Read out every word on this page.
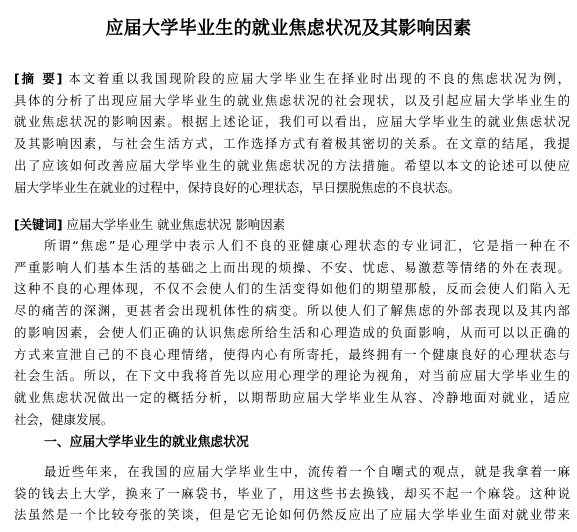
应届大学毕业生的就业焦虑状况及其影响因素
[摘 要] 本文着重以我国现阶段的应届大学毕业生在择业时出现的不良的焦虑状况为例，
具体的分析了出现应届大学毕业生的就业焦虑状况的社会现状，以及引起应届大学毕业生的
就业焦虑状况的影响因素。根据上述论证，我们可以看出，应届大学毕业生的就业焦虑状况
及其影响因素，与社会生活方式，工作选择方式有着极其密切的关系。在文章的结尾，我提
出了应该如何改善应届大学毕业生的就业焦虑状况的方法措施。希望以本文的论述可以使应
届大学毕业生在就业的过程中，保持良好的心理状态，早日摆脱焦虑的不良状态。
[关键词] 应届大学毕业生 就业焦虑状况 影响因素
所谓“焦虑”是心理学中表示人们不良的亚健康心理状态的专业词汇，它是指一种在不
严重影响人们基本生活的基础之上而出现的烦操、不安、忧虑、易激惹等情绪的外在表现。
这种不良的心理体现，不仅不会使人们的生活变得如他们的期望那般，反而会使人们陷入无
尽的痛苦的深渊，更甚者会出现机体性的病变。所以使人们了解焦虑的外部表现以及其内部
的影响因素，会使人们正确的认识焦虑所给生活和心理造成的负面影响，从而可以以正确的
方式来宣泄自己的不良心理情绪，使得内心有所寄托，最终拥有一个健康良好的心理状态与
社会生活。所以，在下文中我将首先以应用心理学的理论为视角，对当前应届大学毕业生的
就业焦虑状况做出一定的概括分析，以期帮助应届大学毕业生从容、冷静地面对就业，适应
社会，健康发展。
一、应届大学毕业生的就业焦虑状况
最近些年来，在我国的应届大学毕业生中，流传着一个自嘲式的观点，就是我拿着一麻
袋的钱去上大学，换来了一麻袋书，毕业了，用这些书去换钱，却买不起一个麻袋。这种说
法虽然是一个比较夸张的笑谈，但是它无论如何仍然反应出了应届大学毕业生面对就业带来
